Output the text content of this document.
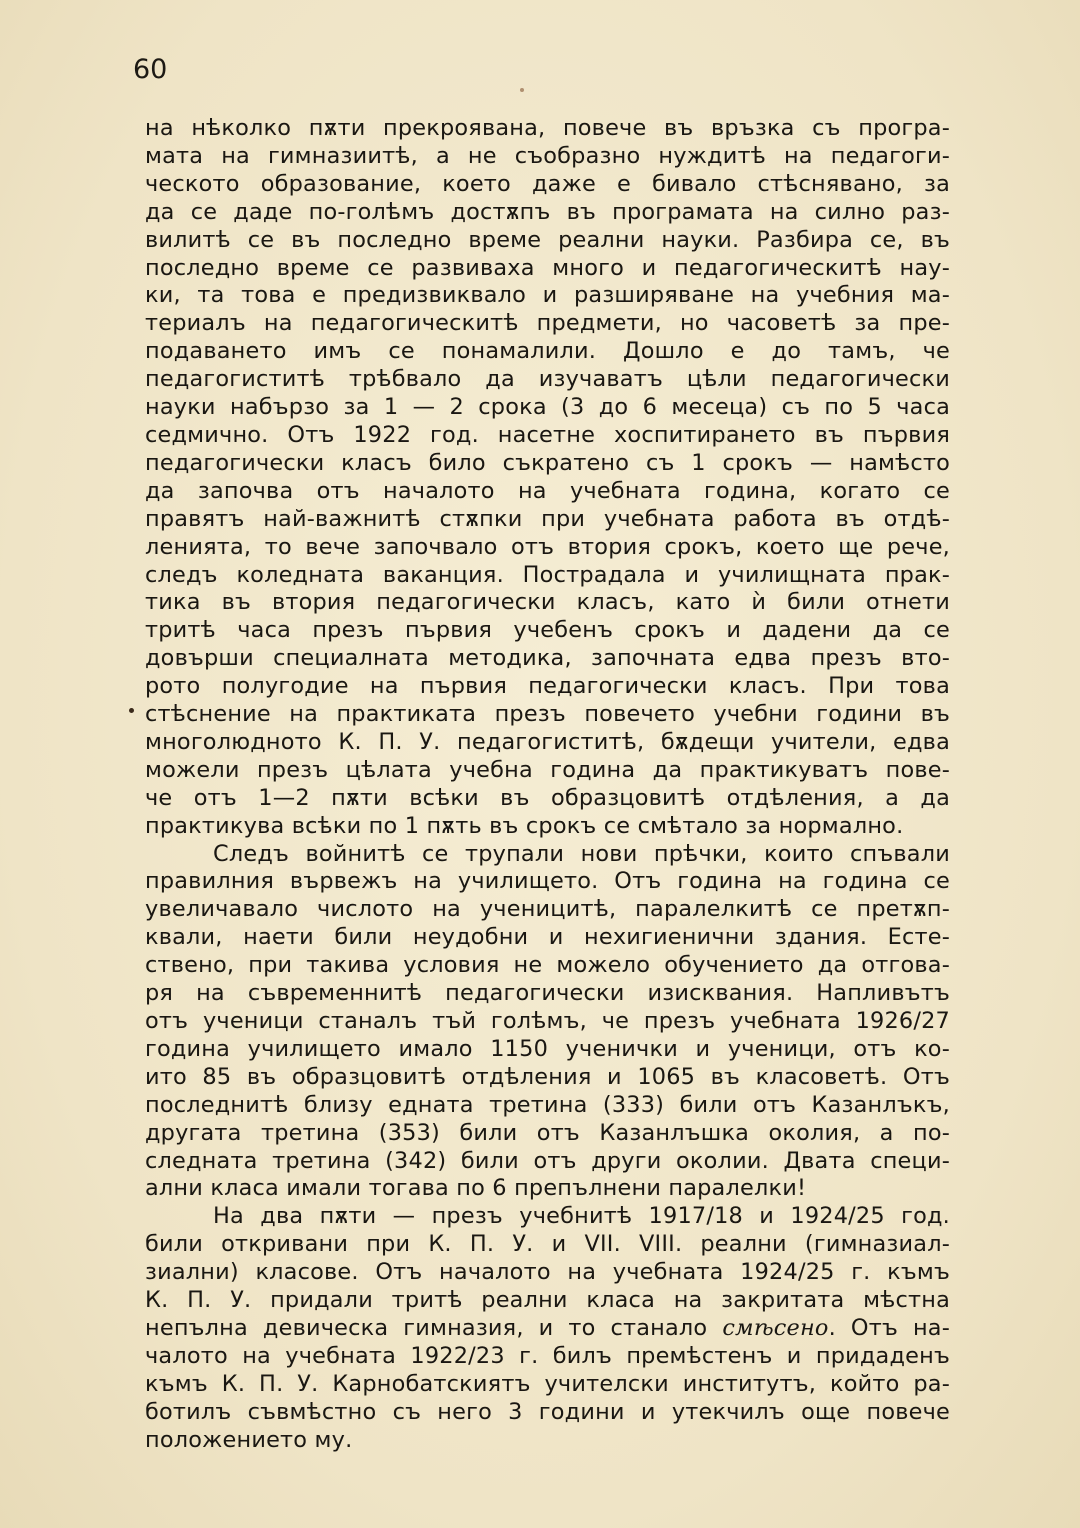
60
на нѣколко пѫти прекроявана, повече въ връзка съ програ-
мата на гимназиитѣ, а не съобразно нуждитѣ на педагоги-
ческото образование, което даже е бивало стѣснявано, за
да се даде по-голѣмъ достѫпъ въ програмата на силно раз-
вилитѣ се въ последно време реални науки. Разбира се, въ
последно време се развиваха много и педагогическитѣ нау-
ки, та това е предизвиквало и разширяване на учебния ма-
териалъ на педагогическитѣ предмети, но часоветѣ за пре-
подаването имъ се понамалили. Дошло е до тамъ, че
педагогиститѣ трѣбвало да изучаватъ цѣли педагогически
науки набързо за 1 — 2 срока (3 до 6 месеца) съ по 5 часа
седмично. Отъ 1922 год. насетне хоспитирането въ първия
педагогически класъ било съкратено съ 1 срокъ — намѣсто
да започва отъ началото на учебната година, когато се
правятъ най-важнитѣ стѫпки при учебната работа въ отдѣ-
ленията, то вече започвало отъ втория срокъ, което ще рече,
следъ коледната ваканция. Пострадала и училищната прак-
тика въ втория педагогически класъ, като ѝ били отнети
тритѣ часа презъ първия учебенъ срокъ и дадени да се
довърши специалната методика, започната едва презъ вто-
рото полугодие на първия педагогически класъ. При това
стѣснение на практиката презъ повечето учебни години въ
многолюдното К. П. У. педагогиститѣ, бѫдещи учители, едва
можели презъ цѣлата учебна година да практикуватъ пове-
че отъ 1—2 пѫти всѣки въ образцовитѣ отдѣления, а да
практикува всѣки по 1 пѫть въ срокъ се смѣтало за нормално.
Следъ войнитѣ се трупали нови прѣчки, които спъвали
правилния вървежъ на училището. Отъ година на година се
увеличавало числото на ученицитѣ, паралелкитѣ се претѫп-
квали, наети били неудобни и нехигиенични здания. Есте-
ствено, при такива условия не можело обучението да отгова-
ря на съвременнитѣ педагогически изисквания. Напливътъ
отъ ученици станалъ тъй голѣмъ, че презъ учебната 1926/27
година училището имало 1150 ученички и ученици, отъ ко-
ито 85 въ образцовитѣ отдѣления и 1065 въ класоветѣ. Отъ
последнитѣ близу едната третина (333) били отъ Казанлъкъ,
другата третина (353) били отъ Казанлъшка околия, а по-
следната третина (342) били отъ други околии. Двата специ-
ални класа имали тогава по 6 препълнени паралелки!
На два пѫти — презъ учебнитѣ 1917/18 и 1924/25 год.
били откривани при К. П. У. и VII. VIII. реални (гимназиал-
зиални) класове. Отъ началото на учебната 1924/25 г. къмъ
К. П. У. придали тритѣ реални класа на закритата мѣстна
непълна девическа гимназия, и то станало смѣсено. Отъ на-
чалото на учебната 1922/23 г. билъ премѣстенъ и придаденъ
къмъ К. П. У. Карнобатскиятъ учителски институтъ, който ра-
ботилъ съвмѣстно съ него 3 години и утекчилъ още повече
положението му.
